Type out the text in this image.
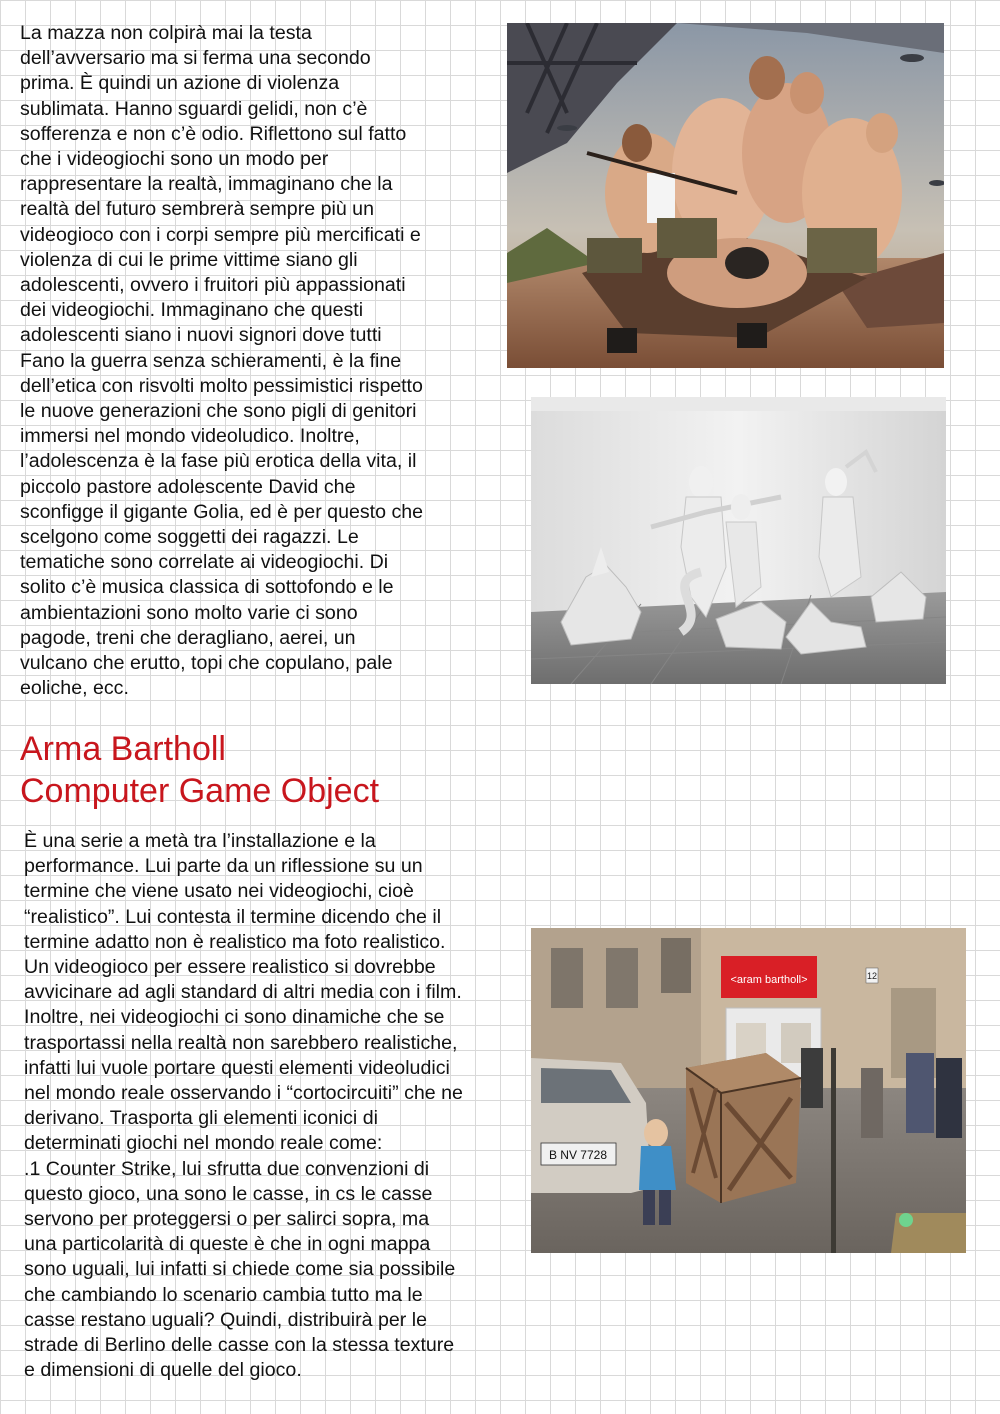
La mazza non colpirà mai la testa
dell’avversario ma si ferma una secondo
prima. È quindi un azione di violenza
sublimata. Hanno sguardi gelidi, non c’è
sofferenza e non c’è odio. Riflettono sul fatto
che i videogiochi sono un modo per
rappresentare la realtà, immaginano che la
realtà del futuro sembrerà sempre più un
videogioco con i corpi sempre più mercificati e
violenza di cui le prime vittime siano gli
adolescenti, ovvero i fruitori più appassionati
dei videogiochi. Immaginano che questi
adolescenti siano i nuovi signori dove tutti
Fano la guerra senza schieramenti, è la fine
dell’etica con risvolti molto pessimistici rispetto
le nuove generazioni che sono pigli di genitori
immersi nel mondo videoludico. Inoltre,
l’adolescenza è la fase più erotica della vita, il
piccolo pastore adolescente David che
sconfigge il gigante Golia, ed è per questo che
scelgono come soggetti dei ragazzi. Le
tematiche sono correlate ai videogiochi. Di
solito c’è musica classica di sottofondo e le
ambientazioni sono molto varie ci sono
pagode, treni che deragliano, aerei, un
vulcano che erutto, topi che copulano, pale
eoliche, ecc.

Arma Bartholl
Computer Game Object

È una serie a metà tra l’installazione e la
performance. Lui parte da un riflessione su un
termine che viene usato nei videogiochi, cioè
“realistico”. Lui contesta il termine dicendo che il
termine adatto non è realistico ma foto realistico.
Un videogioco per essere realistico si dovrebbe
avvicinare ad agli standard di altri media con i film.
Inoltre, nei videogiochi ci sono dinamiche che se
trasportassi nella realtà non sarebbero realistiche,
infatti lui vuole portare questi elementi videoludici
nel mondo reale osservando i “cortocircuiti” che ne
derivano. Trasporta gli elementi iconici di
determinati giochi nel mondo reale come:
.1 Counter Strike, lui sfrutta due convenzioni di
questo gioco, una sono le casse, in cs le casse
servono per proteggersi o per salirci sopra, ma
una particolarità di queste è che in ogni mappa
sono uguali, lui infatti si chiede come sia possibile
che cambiando lo scenario cambia tutto ma le
casse restano uguali? Quindi, distribuirà per le
strade di Berlino delle casse con la stessa texture
e dimensioni di quelle del gioco.

<aram bartholl>	12
B NV 7728
